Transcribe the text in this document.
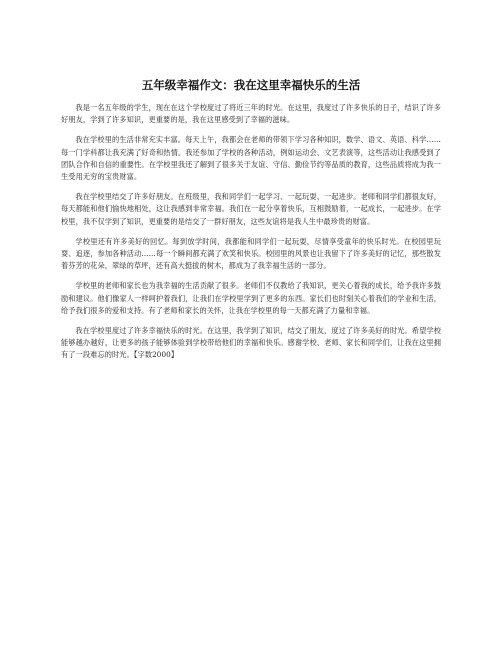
五年级幸福作文：我在这里幸福快乐的生活

我是一名五年级的学生，现在在这个学校度过了将近三年的时光。在这里，我度过了许多快乐的日子，结识了许多好朋友，学到了许多知识，更重要的是，我在这里感受到了幸福的滋味。

我在学校里的生活非常充实丰富。每天上午，我都会在老师的带领下学习各种知识，数学、语文、英语、科学……每一门学科都让我充满了好奇和热情。我还参加了学校的各种活动，例如运动会、文艺表演等，这些活动让我感受到了团队合作和自信的重要性。在学校里我还了解到了很多关于友谊、守信、勤俭节约等品质的教育，这些品质将成为我一生受用无穷的宝贵财富。

我在学校里结交了许多好朋友。在班级里，我和同学们一起学习、一起玩耍、一起进步。老师和同学们都很友好，每天都能和他们愉快地相处，这让我感到非常幸福。我们在一起分享着快乐，互相鼓励着，一起成长，一起进步。在学校里，我不仅学到了知识，更重要的是结交了一群好朋友，这些友谊将是我人生中最珍贵的财富。

学校里还有许多美好的回忆。每到放学时间，我都能和同学们一起玩耍，尽情享受童年的快乐时光。在校园里玩耍、追逐，参加各种活动……每一个瞬间都充满了欢笑和快乐。校园里的风景也让我留下了许多美好的记忆，那些散发着芬芳的花朵，翠绿的草坪，还有高大挺拔的树木，都成为了我幸福生活的一部分。

学校里的老师和家长也为我幸福的生活贡献了很多。老师们不仅教给了我知识，更关心着我的成长，给予我许多鼓励和建议。他们像家人一样呵护着我们，让我们在学校里学到了更多的东西。家长们也时刻关心着我们的学业和生活，给予我们很多的爱和支持。有了老师和家长的关怀，让我在学校里的每一天都充满了力量和幸福。

我在学校里度过了许多幸福快乐的时光。在这里，我学到了知识，结交了朋友，度过了许多美好的时光。希望学校能够越办越好，让更多的孩子能够体验到学校带给他们的幸福和快乐。感谢学校、老师、家长和同学们，让我在这里拥有了一段难忘的时光。【字数2000】
